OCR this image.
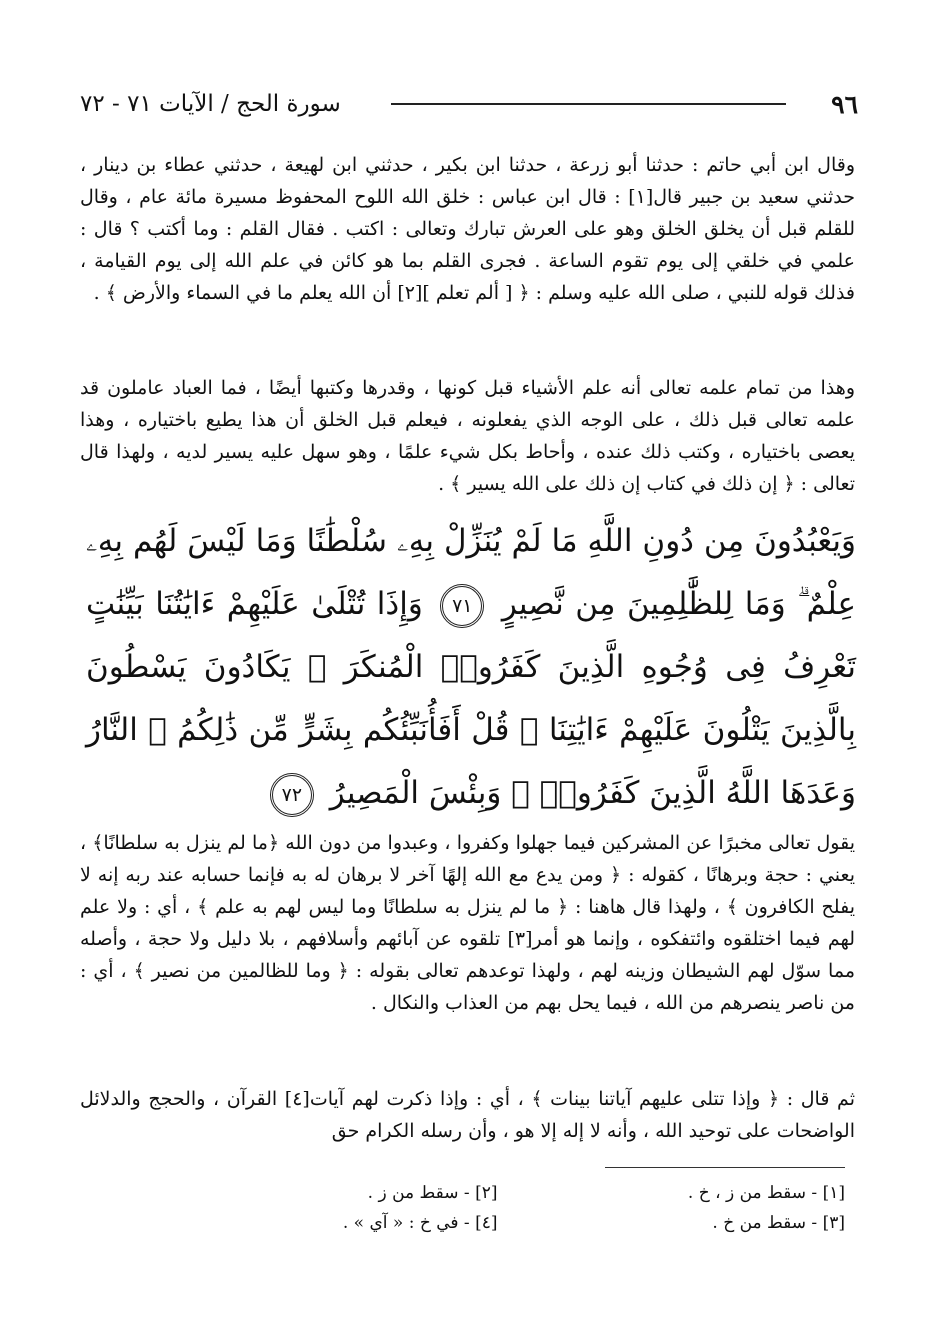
٩٦
سورة الحج / الآيات ٧١ - ٧٢

وقال ابن أبي حاتم : حدثنا أبو زرعة ، حدثنا ابن بكير ، حدثني ابن لهيعة ، حدثني عطاء بن دينار ، حدثني سعيد بن جبير قال[١] : قال ابن عباس : خلق الله اللوح المحفوظ مسيرة مائة عام ، وقال للقلم قبل أن يخلق الخلق وهو على العرش تبارك وتعالى : اكتب . فقال القلم : وما أكتب ؟ قال : علمي في خلقي إلى يوم تقوم الساعة . فجرى القلم بما هو كائن في علم الله إلى يوم القيامة ، فذلك قوله للنبي ، صلى الله عليه وسلم : ﴿ [ ألم تعلم ][٢] أن الله يعلم ما في السماء والأرض ﴾ .

وهذا من تمام علمه تعالى أنه علم الأشياء قبل كونها ، وقدرها وكتبها أيضًا ، فما العباد عاملون قد علمه تعالى قبل ذلك ، على الوجه الذي يفعلونه ، فيعلم قبل الخلق أن هذا يطيع باختياره ، وهذا يعصى باختياره ، وكتب ذلك عنده ، وأحاط بكل شيء علمًا ، وهو سهل عليه يسير لديه ، ولهذا قال تعالى : ﴿ إن ذلك في كتاب إن ذلك على الله يسير ﴾ .

وَيَعْبُدُونَ مِن دُونِ اللَّهِ مَا لَمْ يُنَزِّلْ بِهِۦ سُلْطَٰنًا وَمَا لَيْسَ لَهُم بِهِۦ عِلْمٌ ۗ وَمَا لِلظَّٰلِمِينَ مِن نَّصِيرٍ ٧١ وَإِذَا تُتْلَىٰ عَلَيْهِمْ ءَايَٰتُنَا بَيِّنَٰتٍ تَعْرِفُ فِى وُجُوهِ الَّذِينَ كَفَرُوا۟ الْمُنكَرَ ۖ يَكَادُونَ يَسْطُونَ بِالَّذِينَ يَتْلُونَ عَلَيْهِمْ ءَايَٰتِنَا ۗ قُلْ أَفَأُنَبِّئُكُم بِشَرٍّ مِّن ذَٰلِكُمُ ۗ النَّارُ وَعَدَهَا اللَّهُ الَّذِينَ كَفَرُوا۟ ۖ وَبِئْسَ الْمَصِيرُ ٧٢

يقول تعالى مخبرًا عن المشركين فيما جهلوا وكفروا ، وعبدوا من دون الله ﴿ما لم ينزل به سلطانًا﴾ ، يعني : حجة وبرهانًا ، كقوله : ﴿ ومن يدع مع الله إلهًا آخر لا برهان له به فإنما حسابه عند ربه إنه لا يفلح الكافرون ﴾ ، ولهذا قال هاهنا : ﴿ ما لم ينزل به سلطانًا وما ليس لهم به علم ﴾ ، أي : ولا علم لهم فيما اختلقوه وائتفكوه ، وإنما هو أمر[٣] تلقوه عن آبائهم وأسلافهم ، بلا دليل ولا حجة ، وأصله مما سوّل لهم الشيطان وزينه لهم ، ولهذا توعدهم تعالى بقوله : ﴿ وما للظالمين من نصير ﴾ ، أي : من ناصر ينصرهم من الله ، فيما يحل بهم من العذاب والنكال .

ثم قال : ﴿ وإذا تتلى عليهم آياتنا بينات ﴾ ، أي : وإذا ذكرت لهم آيات[٤] القرآن ، والحجج والدلائل الواضحات على توحيد الله ، وأنه لا إله إلا هو ، وأن رسله الكرام حق

[١] - سقط من ز ، خ .
[٢] - سقط من ز .
[٣] - سقط من خ .
[٤] - في خ : « آي » .
